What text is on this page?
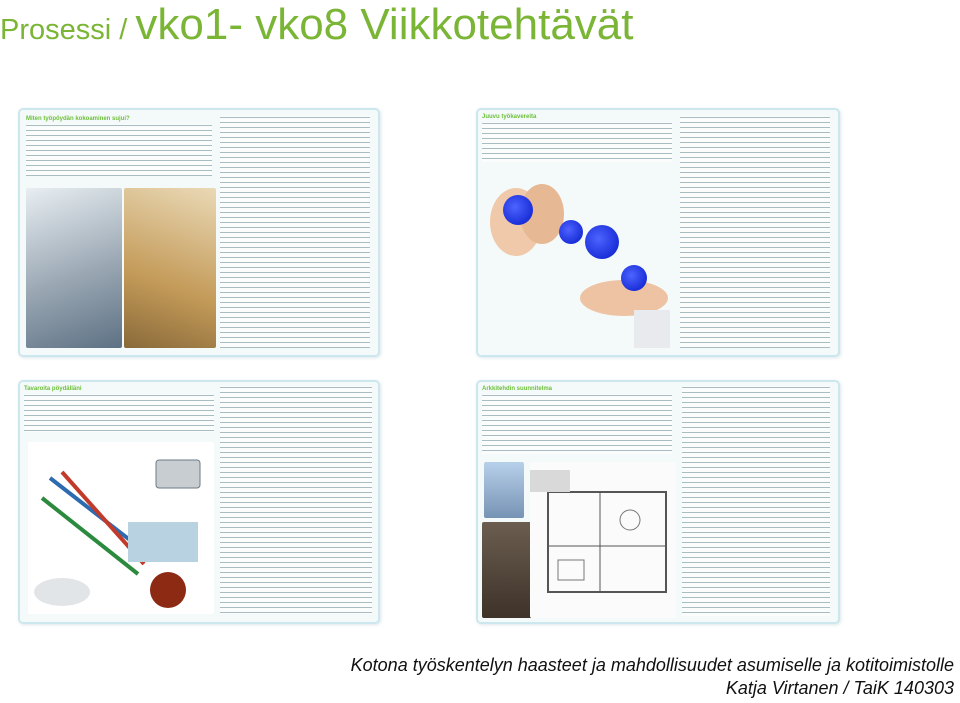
Prosessi / vko1- vko8 Viikkotehtävät

Miten työpöydän kokoaminen sujui?	Juuvu työkavereita

Tavaroita pöydälläni	Arkkitehdin suunnitelma

Kotona työskentelyn haasteet ja mahdollisuudet asumiselle ja kotitoimistolle

Katja Virtanen / TaiK 140303
